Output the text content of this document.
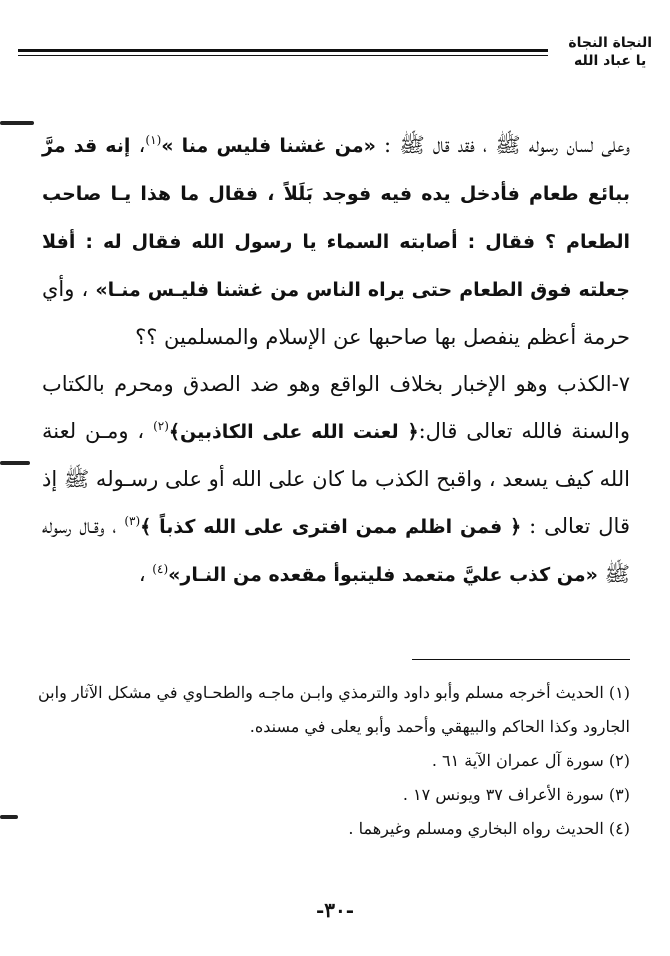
النجاة النجاة
يا عباد الله

وعلى لسان رسوله ﷺ ، فقد قال ﷺ : «من غشنا فليس منا »$^{(١)}$، إنه قد مرَّ ببائع طعام فأدخل يده فيه فوجد بَلَلاً ، فقال ما هذا يـا صاحب الطعام ؟ فقال : أصابته السماء يا رسول الله فقال له : أفلا جعلته فوق الطعام حتى يراه الناس من غشنا فليـس منـا» ، وأي حرمة أعظم ينفصل بها صاحبها عن الإسلام والمسلمين ؟؟

٧-الكذب وهو الإخبار بخلاف الواقع وهو ضد الصدق ومحرم بالكتاب والسنة فالله تعالى قال:﴿ لعنت الله على الكاذبين﴾$^{(٢)}$ ، ومـن لعنة الله كيف يسعد ، واقبح الكذب ما كان على الله أو على رسـوله ﷺ إذ قال تعالى : ﴿ فمن اظلم ممن افترى على الله كذباً ﴾$^{(٣)}$ ، وقـال رسوله ﷺ «من كذب عليَّ متعمد فليتبوأ مقعده من النـار»$^{(٤)}$ ،

(١) الحديث أخرجه مسلم وأبو داود والترمذي وابـن ماجـه والطحـاوي في مشكل الآثار وابن الجارود وكذا الحاكم والبيهقي وأحمد وأبو يعلى في مسنده.

(٢) سورة آل عمران الآية ٦١ .

(٣) سورة الأعراف ٣٧ ويونس ١٧ .

(٤) الحديث رواه البخاري ومسلم وغيرهما .

-٣٠-
